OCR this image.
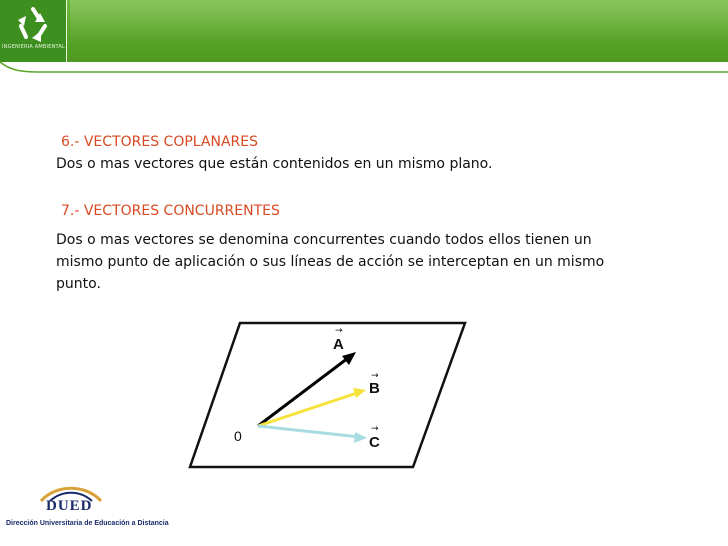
INGENIERIA AMBIENTAL
6.- VECTORES COPLANARES
Dos o mas vectores que están contenidos en un mismo plano.
7.- VECTORES CONCURRENTES
Dos o mas vectores se denomina concurrentes cuando todos ellos tienen un
mismo punto de aplicación o sus líneas de acción se interceptan en un mismo
punto.
→
A
→
B
→
C
0
DUED
Dirección Universitaria de Educación a Distancia
